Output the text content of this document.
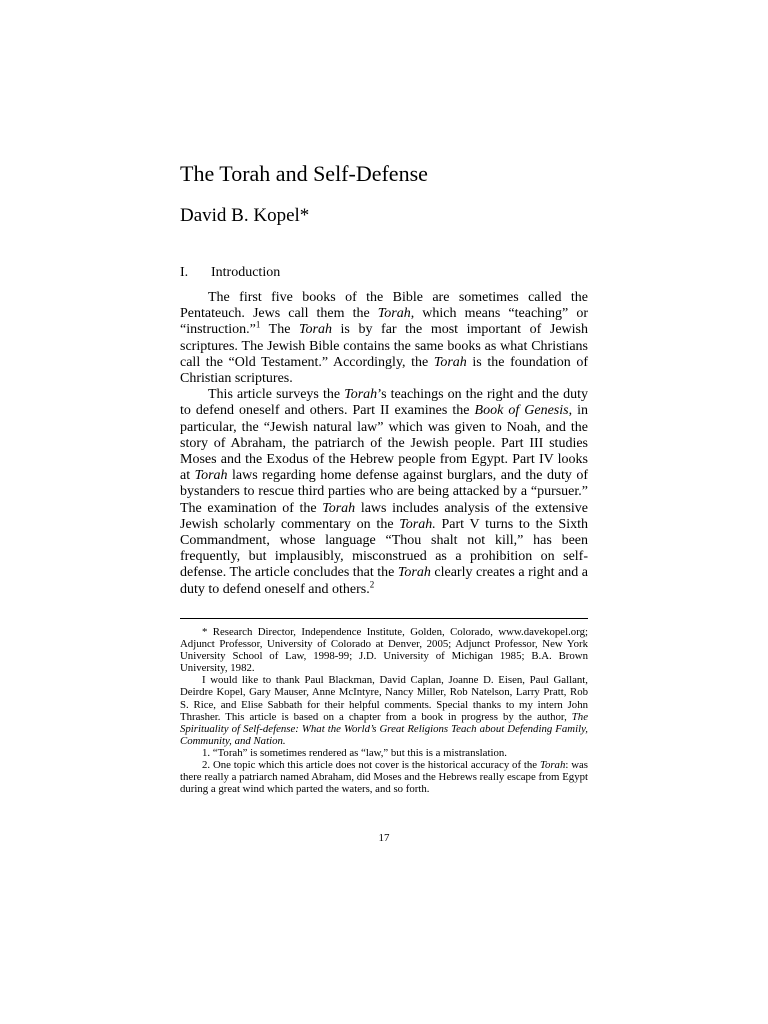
The Torah and Self-Defense
David B. Kopel*
I. Introduction

The first five books of the Bible are sometimes called the Pentateuch. Jews call them the Torah, which means “teaching” or “instruction.”$^1$ The Torah is by far the most important of Jewish scriptures. The Jewish Bible contains the same books as what Christians call the “Old Testament.” Accordingly, the Torah is the foundation of Christian scriptures.

This article surveys the Torah’s teachings on the right and the duty to defend oneself and others. Part II examines the Book of Genesis, in particular, the “Jewish natural law” which was given to Noah, and the story of Abraham, the patriarch of the Jewish people. Part III studies Moses and the Exodus of the Hebrew people from Egypt. Part IV looks at Torah laws regarding home defense against burglars, and the duty of bystanders to rescue third parties who are being attacked by a “pursuer.” The examination of the Torah laws includes analysis of the extensive Jewish scholarly commentary on the Torah. Part V turns to the Sixth Commandment, whose language “Thou shalt not kill,” has been frequently, but implausibly, misconstrued as a prohibition on self-defense. The article concludes that the Torah clearly creates a right and a duty to defend oneself and others.$^2$

* Research Director, Independence Institute, Golden, Colorado, www.davekopel.org; Adjunct Professor, University of Colorado at Denver, 2005; Adjunct Professor, New York University School of Law, 1998-99; J.D. University of Michigan 1985; B.A. Brown University, 1982.

I would like to thank Paul Blackman, David Caplan, Joanne D. Eisen, Paul Gallant, Deirdre Kopel, Gary Mauser, Anne McIntyre, Nancy Miller, Rob Natelson, Larry Pratt, Rob S. Rice, and Elise Sabbath for their helpful comments. Special thanks to my intern John Thrasher. This article is based on a chapter from a book in progress by the author, The Spirituality of Self-defense: What the World’s Great Religions Teach about Defending Family, Community, and Nation.

1. “Torah” is sometimes rendered as “law,” but this is a mistranslation.

2. One topic which this article does not cover is the historical accuracy of the Torah: was there really a patriarch named Abraham, did Moses and the Hebrews really escape from Egypt during a great wind which parted the waters, and so forth.

17
